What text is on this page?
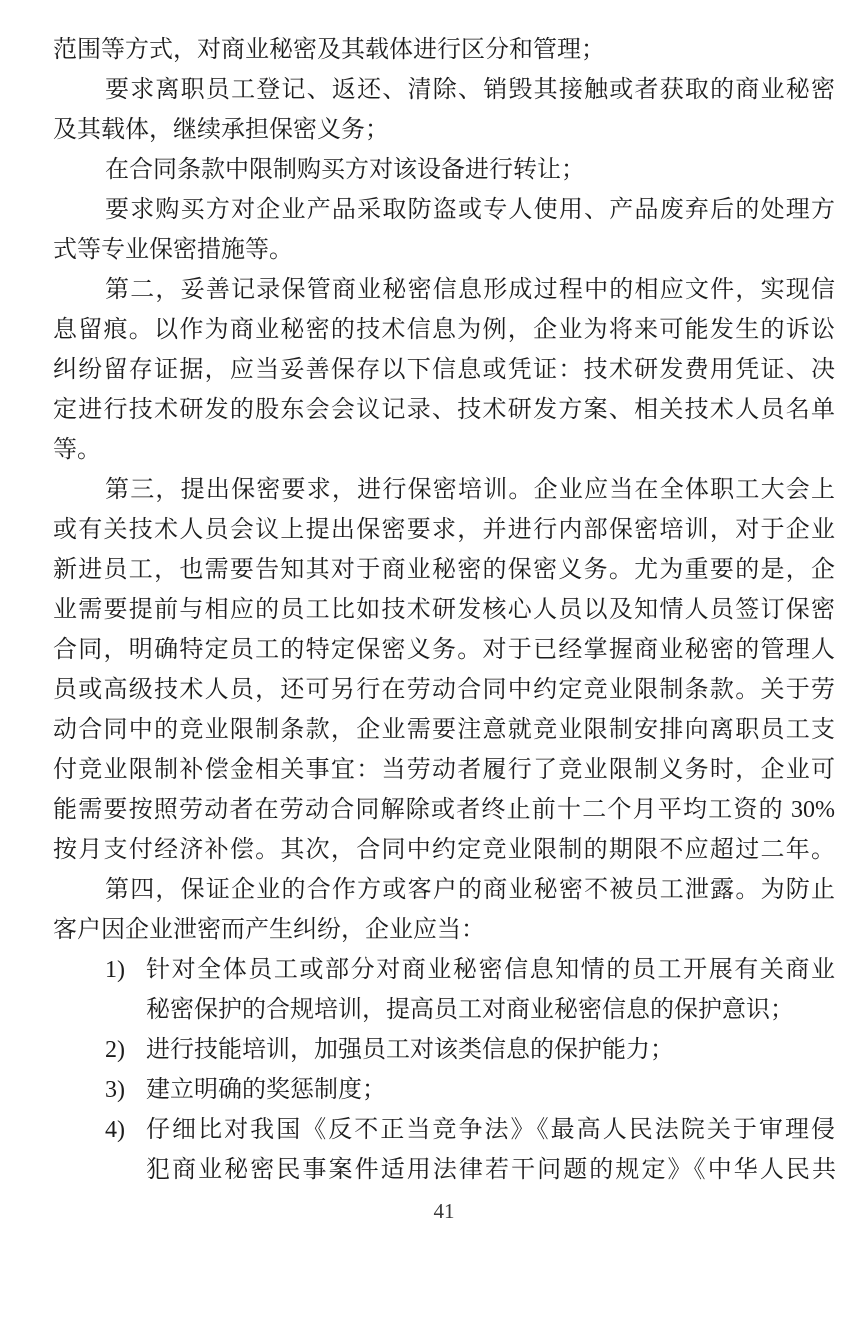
范围等方式，对商业秘密及其载体进行区分和管理；
要求离职员工登记、返还、清除、销毁其接触或者获取的商业秘密
及其载体，继续承担保密义务；
在合同条款中限制购买方对该设备进行转让；
要求购买方对企业产品采取防盗或专人使用、产品废弃后的处理方
式等专业保密措施等。
第二，妥善记录保管商业秘密信息形成过程中的相应文件，实现信
息留痕。以作为商业秘密的技术信息为例，企业为将来可能发生的诉讼
纠纷留存证据，应当妥善保存以下信息或凭证：技术研发费用凭证、决
定进行技术研发的股东会会议记录、技术研发方案、相关技术人员名单
等。
第三，提出保密要求，进行保密培训。企业应当在全体职工大会上
或有关技术人员会议上提出保密要求，并进行内部保密培训，对于企业
新进员工，也需要告知其对于商业秘密的保密义务。尤为重要的是，企
业需要提前与相应的员工比如技术研发核心人员以及知情人员签订保密
合同，明确特定员工的特定保密义务。对于已经掌握商业秘密的管理人
员或高级技术人员，还可另行在劳动合同中约定竞业限制条款。关于劳
动合同中的竞业限制条款，企业需要注意就竞业限制安排向离职员工支
付竞业限制补偿金相关事宜：当劳动者履行了竞业限制义务时，企业可
能需要按照劳动者在劳动合同解除或者终止前十二个月平均工资的 30%
按月支付经济补偿。其次，合同中约定竞业限制的期限不应超过二年。
第四，保证企业的合作方或客户的商业秘密不被员工泄露。为防止
客户因企业泄密而产生纠纷，企业应当：
1) 针对全体员工或部分对商业秘密信息知情的员工开展有关商业
秘密保护的合规培训，提高员工对商业秘密信息的保护意识；
2) 进行技能培训，加强员工对该类信息的保护能力；
3) 建立明确的奖惩制度；
4) 仔细比对我国《反不正当竞争法》《最高人民法院关于审理侵
犯商业秘密民事案件适用法律若干问题的规定》《中华人民共
41
